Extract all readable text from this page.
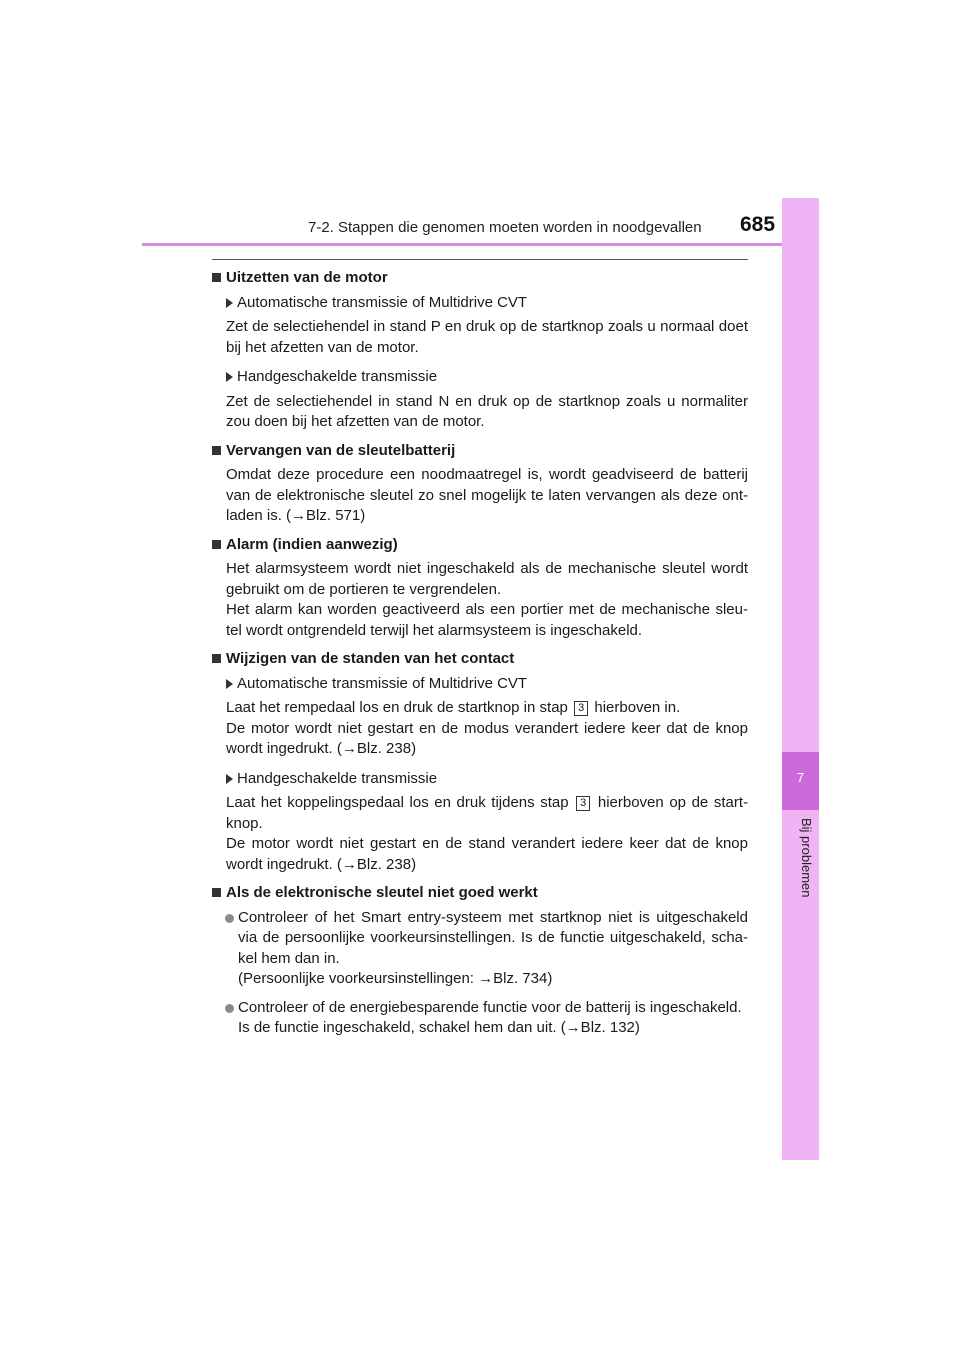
7-2. Stappen die genomen moeten worden in noodgevallen 685
7
Bij problemen
Uitzetten van de motor
Automatische transmissie of Multidrive CVT

Zet de selectiehendel in stand P en druk op de startknop zoals u normaal doet bij het afzetten van de motor.

Handgeschakelde transmissie

Zet de selectiehendel in stand N en druk op de startknop zoals u normaliter zou doen bij het afzetten van de motor.

Vervangen van de sleutelbatterij

Omdat deze procedure een noodmaatregel is, wordt geadviseerd de batterij van de elektronische sleutel zo snel mogelijk te laten vervangen als deze ont-laden is. (→Blz. 571)

Alarm (indien aanwezig)

Het alarmsysteem wordt niet ingeschakeld als de mechanische sleutel wordt gebruikt om de portieren te vergrendelen.
Het alarm kan worden geactiveerd als een portier met de mechanische sleu-tel wordt ontgrendeld terwijl het alarmsysteem is ingeschakeld.

Wijzigen van de standen van het contact
Automatische transmissie of Multidrive CVT

Laat het rempedaal los en druk de startknop in stap 3 hierboven in.
De motor wordt niet gestart en de modus verandert iedere keer dat de knop wordt ingedrukt. (→Blz. 238)

Handgeschakelde transmissie

Laat het koppelingspedaal los en druk tijdens stap 3 hierboven op de start-knop.
De motor wordt niet gestart en de stand verandert iedere keer dat de knop wordt ingedrukt. (→Blz. 238)

Als de elektronische sleutel niet goed werkt
Controleer of het Smart entry-systeem met startknop niet is uitgeschakeld via de persoonlijke voorkeursinstellingen. Is de functie uitgeschakeld, scha-kel hem dan in.
(Persoonlijke voorkeursinstellingen: →Blz. 734)
Controleer of de energiebesparende functie voor de batterij is ingeschakeld.
Is de functie ingeschakeld, schakel hem dan uit. (→Blz. 132)
